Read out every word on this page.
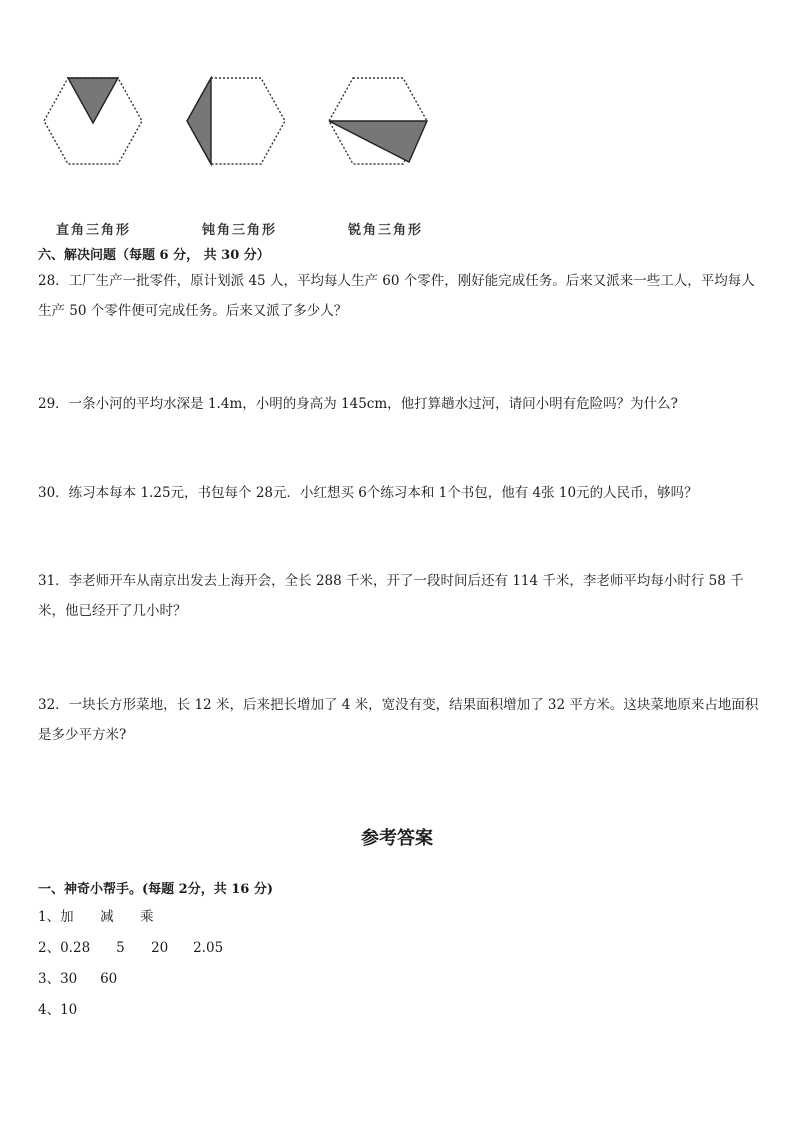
直角三角形	钝角三角形	锐角三角形
六、解决问题（每题 6 分， 共 30 分）
28．工厂生产一批零件，原计划派 45 人，平均每人生产 60 个零件，刚好能完成任务。后来又派来一些工人，平均每人生产 50 个零件便可完成任务。后来又派了多少人？
29．一条小河的平均水深是 1.4m，小明的身高为 145cm，他打算趟水过河，请问小明有危险吗？为什么?
30．练习本每本 1.25元，书包每个 28元．小红想买 6个练习本和 1个书包，他有 4张 10元的人民币，够吗？
31．李老师开车从南京出发去上海开会，全长 288 千米，开了一段时间后还有 114 千米，李老师平均每小时行 58 千米，他已经开了几小时？
32．一块长方形菜地，长 12 米，后来把长增加了 4 米，宽没有变，结果面积增加了 32 平方米。这块菜地原来占地面积是多少平方米?
参考答案
一、神奇小帮手。(每题 2分，共 16 分)
1、加 减 乘
2、0.28 5 20 2.05
3、30 60
4、10
